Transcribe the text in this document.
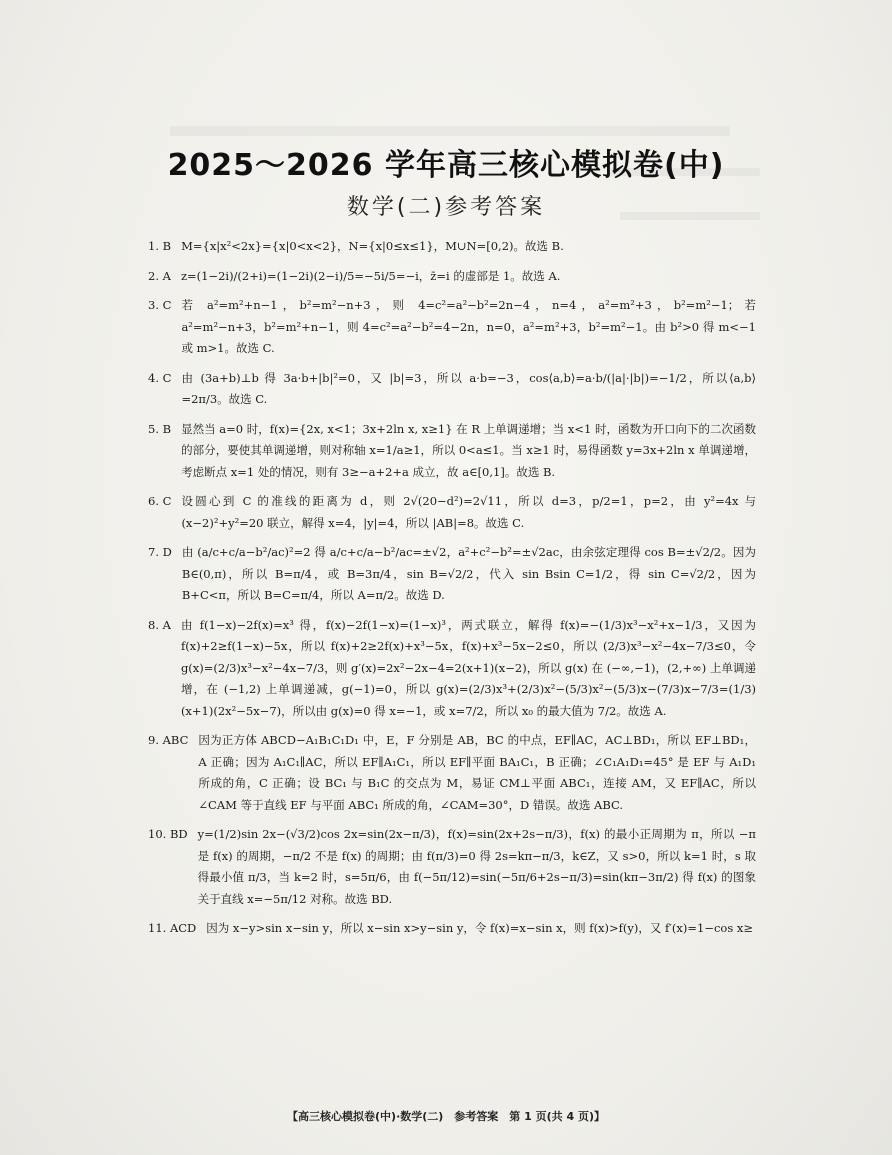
2025～2026 学年高三核心模拟卷(中)
数学(二)参考答案
1. B M={x|x²<2x}={x|0<x<2}，N={x|0≤x≤1}，M∪N=[0,2)。故选 B.
2. A z=(1−2i)/(2+i)=(1−2i)(2−i)/5=−5i/5=−i，z̄=i 的虚部是 1。故选 A.
3. C 若 a²=m²+n−1，b²=m²−n+3，则 4=c²=a²−b²=2n−4，n=4，a²=m²+3，b²=m²−1；若 a²=m²−n+3，b²=m²+n−1，则 4=c²=a²−b²=4−2n，n=0，a²=m²+3，b²=m²−1。由 b²>0 得 m<−1 或 m>1。故选 C.
4. C 由 (3a+b)⊥b 得 3a·b+|b|²=0，又 |b|=3，所以 a·b=−3，cos⟨a,b⟩=a·b/(|a|·|b|)=−1/2，所以⟨a,b⟩=2π/3。故选 C.
5. B 显然当 a=0 时，f(x)={2x, x<1；3x+2ln x, x≥1} 在 R 上单调递增；当 x<1 时，函数为开口向下的二次函数的部分，要使其单调递增，则对称轴 x=1/a≥1，所以 0<a≤1。当 x≥1 时，易得函数 y=3x+2ln x 单调递增，考虑断点 x=1 处的情况，则有 3≥−a+2+a 成立，故 a∈[0,1]。故选 B.
6. C 设圆心到 C 的准线的距离为 d，则 2√(20−d²)=2√11，所以 d=3，p/2=1，p=2，由 y²=4x 与 (x−2)²+y²=20 联立，解得 x=4，|y|=4，所以 |AB|=8。故选 C.
7. D 由 (a/c+c/a−b²/ac)²=2 得 a/c+c/a−b²/ac=±√2，a²+c²−b²=±√2ac，由余弦定理得 cos B=±√2/2。因为 B∈(0,π)，所以 B=π/4，或 B=3π/4，sin B=√2/2，代入 sin Bsin C=1/2，得 sin C=√2/2，因为 B+C<π，所以 B=C=π/4，所以 A=π/2。故选 D.
8. A 由 f(1−x)−2f(x)=x³ 得，f(x)−2f(1−x)=(1−x)³，两式联立，解得 f(x)=−(1/3)x³−x²+x−1/3，又因为 f(x)+2≥f(1−x)−5x，所以 f(x)+2≥2f(x)+x³−5x，f(x)+x³−5x−2≤0，所以 (2/3)x³−x²−4x−7/3≤0，令 g(x)=(2/3)x³−x²−4x−7/3，则 g′(x)=2x²−2x−4=2(x+1)(x−2)，所以 g(x) 在 (−∞,−1)，(2,+∞) 上单调递增，在 (−1,2) 上单调递减，g(−1)=0，所以 g(x)=(2/3)x³+(2/3)x²−(5/3)x²−(5/3)x−(7/3)x−7/3=(1/3)(x+1)(2x²−5x−7)，所以由 g(x)=0 得 x=−1，或 x=7/2，所以 x₀ 的最大值为 7/2。故选 A.
9. ABC 因为正方体 ABCD−A₁B₁C₁D₁ 中，E，F 分别是 AB，BC 的中点，EF∥AC，AC⊥BD₁，所以 EF⊥BD₁，A 正确；因为 A₁C₁∥AC，所以 EF∥A₁C₁，所以 EF∥平面 BA₁C₁，B 正确；∠C₁A₁D₁=45° 是 EF 与 A₁D₁ 所成的角，C 正确；设 BC₁ 与 B₁C 的交点为 M，易证 CM⊥平面 ABC₁，连接 AM，又 EF∥AC，所以∠CAM 等于直线 EF 与平面 ABC₁ 所成的角，∠CAM=30°，D 错误。故选 ABC.
10. BD y=(1/2)sin 2x−(√3/2)cos 2x=sin(2x−π/3)，f(x)=sin(2x+2s−π/3)，f(x) 的最小正周期为 π，所以 −π 是 f(x) 的周期，−π/2 不是 f(x) 的周期；由 f(π/3)=0 得 2s=kπ−π/3，k∈Z，又 s>0，所以 k=1 时，s 取得最小值 π/3，当 k=2 时，s=5π/6，由 f(−5π/12)=sin(−5π/6+2s−π/3)=sin(kπ−3π/2) 得 f(x) 的图象关于直线 x=−5π/12 对称。故选 BD.
11. ACD 因为 x−y>sin x−sin y，所以 x−sin x>y−sin y，令 f(x)=x−sin x，则 f(x)>f(y)，又 f′(x)=1−cos x≥
【高三核心模拟卷(中)·数学(二)　参考答案　第 1 页(共 4 页)】
